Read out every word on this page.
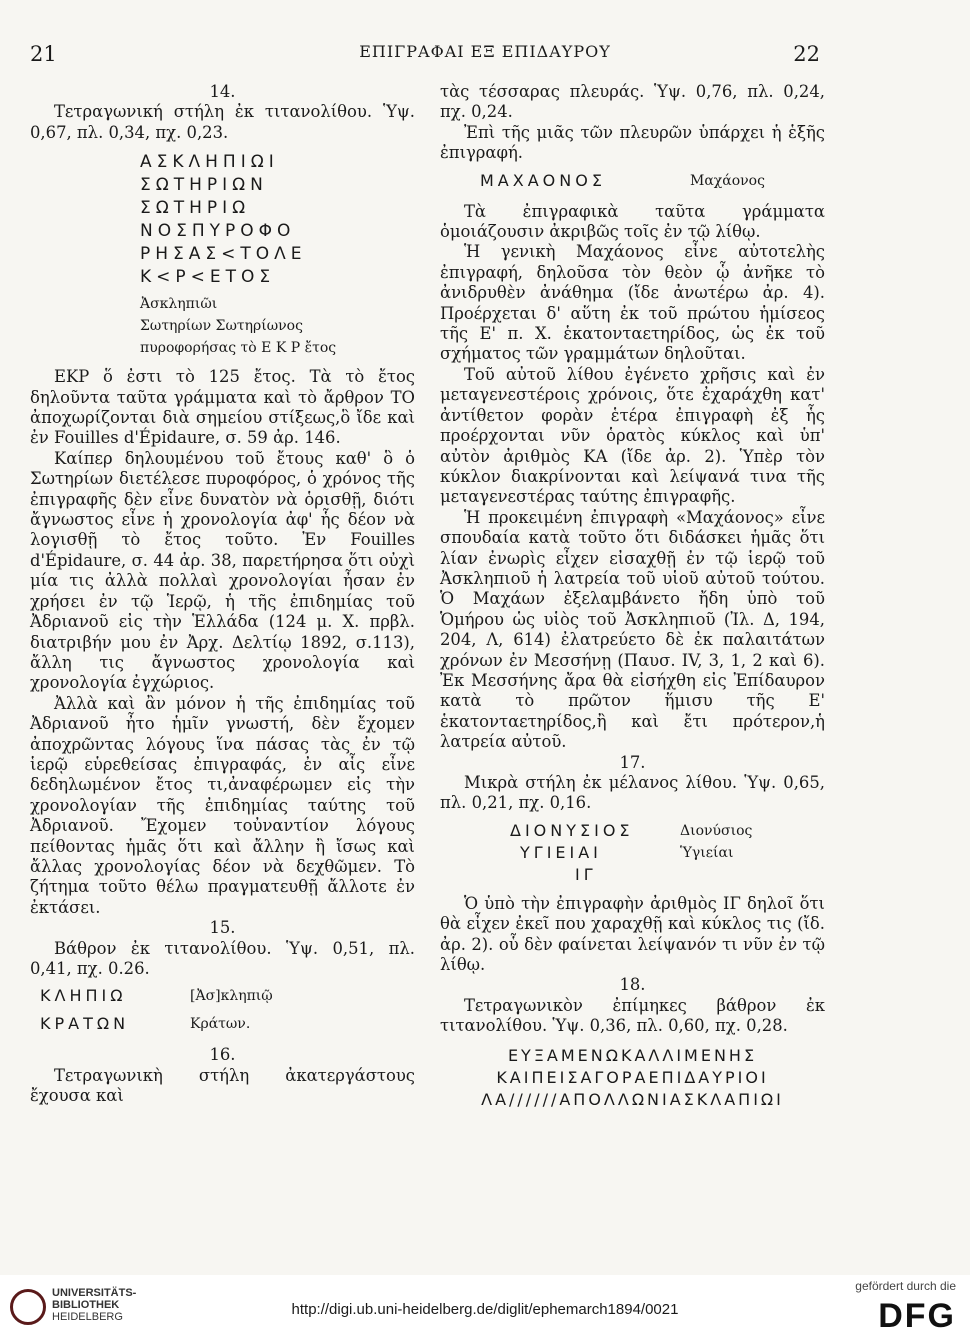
21	ΕΠΙΓΡΑΦΑΙ ΕΞ ΕΠΙΔΑΥΡΟΥ	22

14.

Τετραγωνική στήλη ἐκ τιτανολίθου. Ὑψ. 0,67, πλ. 0,34, πχ. 0,23.

ΑΣΚΛΗΠΙΩΙ
ΣΩΤΗΡΙΩΝ
ΣΩΤΗΡΙΩ
ΝΟΣΠΥΡΟΦΟ
ΡΗΣΑΣ<ΤΟΛΕ
Κ<Ρ<ΕΤΟΣ
Ἀσκληπιῶι
Σωτηρίων Σωτηρίωνος
πυροφορήσας τὸ Ε Κ Ρ ἔτος

ΕΚΡ ὅ ἐστι τὸ 125 ἔτος. Τὰ τὸ ἔτος δηλοῦντα ταῦτα γράμματα καὶ τὸ ἄρθρον ΤΟ ἀποχωρίζονται διὰ σημείου στίξεως,ὃ ἴδε καὶ ἐν Fouilles d'Épidaure, σ. 59 ἀρ. 146.

Καίπερ δηλουμένου τοῦ ἔτους καθ' ὃ ὁ Σωτηρίων διετέλεσε πυροφόρος, ὁ χρόνος τῆς ἐπιγραφῆς δὲν εἶνε δυνατὸν νὰ ὁρισθῇ, διότι ἄγνωστος εἶνε ἡ χρονολογία ἀφ' ἧς δέον νὰ λογισθῇ τὸ ἔτος τοῦτο. Ἐν Fouilles d'Épidaure, σ. 44 ἀρ. 38, παρετήρησα ὅτι οὐχὶ μία τις ἀλλὰ πολλαὶ χρονολογίαι ἦσαν ἐν χρήσει ἐν τῷ Ἱερῷ, ἡ τῆς ἐπιδημίας τοῦ Ἀδριανοῦ εἰς τὴν Ἑλλάδα (124 μ. Χ. πρβλ. διατριβήν μου ἐν Ἀρχ. Δελτίῳ 1892, σ.113), ἄλλη τις ἄγνωστος χρονολογία καὶ χρονολογία ἐγχώριος.

Ἀλλὰ καὶ ἂν μόνον ἡ τῆς ἐπιδημίας τοῦ Ἀδριανοῦ ἦτο ἡμῖν γνωστή, δὲν ἔχομεν ἀποχρῶντας λόγους ἵνα πάσας τὰς ἐν τῷ ἱερῷ εὑρεθείσας ἐπιγραφάς, ἐν αἷς εἶνε δεδηλωμένον ἔτος τι,ἀναφέρωμεν εἰς τὴν χρονολογίαν τῆς ἐπιδημίας ταύτης τοῦ Ἀδριανοῦ. Ἔχομεν τοὐναντίον λόγους πείθοντας ἡμᾶς ὅτι καὶ ἄλλην ἢ ἴσως καὶ ἄλλας χρονολογίας δέον νὰ δεχθῶμεν. Τὸ ζήτημα τοῦτο θέλω πραγματευθῇ ἄλλοτε ἐν ἐκτάσει.

15.

Βάθρον ἐκ τιτανολίθου. Ὑψ. 0,51, πλ. 0,41, πχ. 0.26.

ΚΛΗΠΙΩ	[Ἀσ]κληπιῷ
ΚΡΑΤΩΝ	Κράτων.

16.

Τετραγωνικὴ στήλη ἀκατεργάστους ἔχουσα καὶ

τὰς τέσσαρας πλευράς. Ὑψ. 0,76, πλ. 0,24, πχ. 0,24.

Ἐπὶ τῆς μιᾶς τῶν πλευρῶν ὑπάρχει ἡ ἑξῆς ἐπιγραφή.

ΜΑΧΑΟΝΟΣ	Μαχάονος

Τὰ ἐπιγραφικὰ ταῦτα γράμματα ὁμοιάζουσιν ἀκριβῶς τοῖς ἐν τῷ λίθῳ.

Ἡ γενικὴ Μαχάονος εἶνε αὐτοτελὴς ἐπιγραφή, δηλοῦσα τὸν θεὸν ᾧ ἀνῆκε τὸ ἀνιδρυθὲν ἀνάθημα (ἴδε ἀνωτέρω ἀρ. 4). Προέρχεται δ' αὕτη ἐκ τοῦ πρώτου ἡμίσεος τῆς Ε' π. Χ. ἑκατονταετηρίδος, ὡς ἐκ τοῦ σχήματος τῶν γραμμάτων δηλοῦται.

Τοῦ αὐτοῦ λίθου ἐγένετο χρῆσις καὶ ἐν μεταγενεστέροις χρόνοις, ὅτε ἐχαράχθη κατ' ἀντίθετον φορὰν ἑτέρα ἐπιγραφὴ ἐξ ἧς προέρχονται νῦν ὁρατὸς κύκλος καὶ ὑπ' αὐτὸν ἀριθμὸς ΚΑ (ἴδε ἀρ. 2). Ὑπὲρ τὸν κύκλον διακρίνονται καὶ λείψανά τινα τῆς μεταγενεστέρας ταύτης ἐπιγραφῆς.

Ἡ προκειμένη ἐπιγραφὴ «Μαχάονος» εἶνε σπουδαία κατὰ τοῦτο ὅτι διδάσκει ἡμᾶς ὅτι λίαν ἐνωρὶς εἶχεν εἰσαχθῇ ἐν τῷ ἱερῷ τοῦ Ἀσκληπιοῦ ἡ λατρεία τοῦ υἱοῦ αὐτοῦ τούτου. Ὁ Μαχάων ἐξελαμβάνετο ἤδη ὑπὸ τοῦ Ὁμήρου ὡς υἱὸς τοῦ Ἀσκληπιοῦ (Ἰλ. Δ, 194, 204, Λ, 614) ἐλατρεύετο δὲ ἐκ παλαιτάτων χρόνων ἐν Μεσσήνῃ (Παυσ. IV, 3, 1, 2 καὶ 6). Ἐκ Μεσσήνης ἄρα θὰ εἰσήχθη εἰς Ἐπίδαυρον κατὰ τὸ πρῶτον ἥμισυ τῆς Ε' ἑκατονταετηρίδος,ἢ καὶ ἔτι πρότερον,ἡ λατρεία αὐτοῦ.

17.

Μικρὰ στήλη ἐκ μέλανος λίθου. Ὑψ. 0,65, πλ. 0,21, πχ. 0,16.

ΔΙΟΝΥΣΙΟΣ	Διονύσιος
ΥΓΙΕΙΑΙ	Ὑγιείαι
ΙΓ

Ὁ ὑπὸ τὴν ἐπιγραφὴν ἀριθμὸς ΙΓ δηλοῖ ὅτι θὰ εἶχεν ἐκεῖ που χαραχθῇ καὶ κύκλος τις (ἴδ. ἀρ. 2). οὗ δὲν φαίνεται λείψανόν τι νῦν ἐν τῷ λίθῳ.

18.

Τετραγωνικὸν ἐπίμηκες βάθρον ἐκ τιτανολίθου. Ὑψ. 0,36, πλ. 0,60, πχ. 0,28.

ΕΥΞΑΜΕΝΩΚΑΛΛΙΜΕΝΗΣ
ΚΑΙΠΕΙΣΑΓΟΡΑΕΠΙΔΑΥΡΙΟΙ
ΛΑ//////ΑΠΟΛΛΩΝΙΑΣΚΛΑΠΙΩΙ
UNIVERSITÄTS-
BIBLIOTHEK
HEIDELBERG	http://digi.ub.uni-heidelberg.de/diglit/ephemarch1894/0021
gefördert durch die
DFG
